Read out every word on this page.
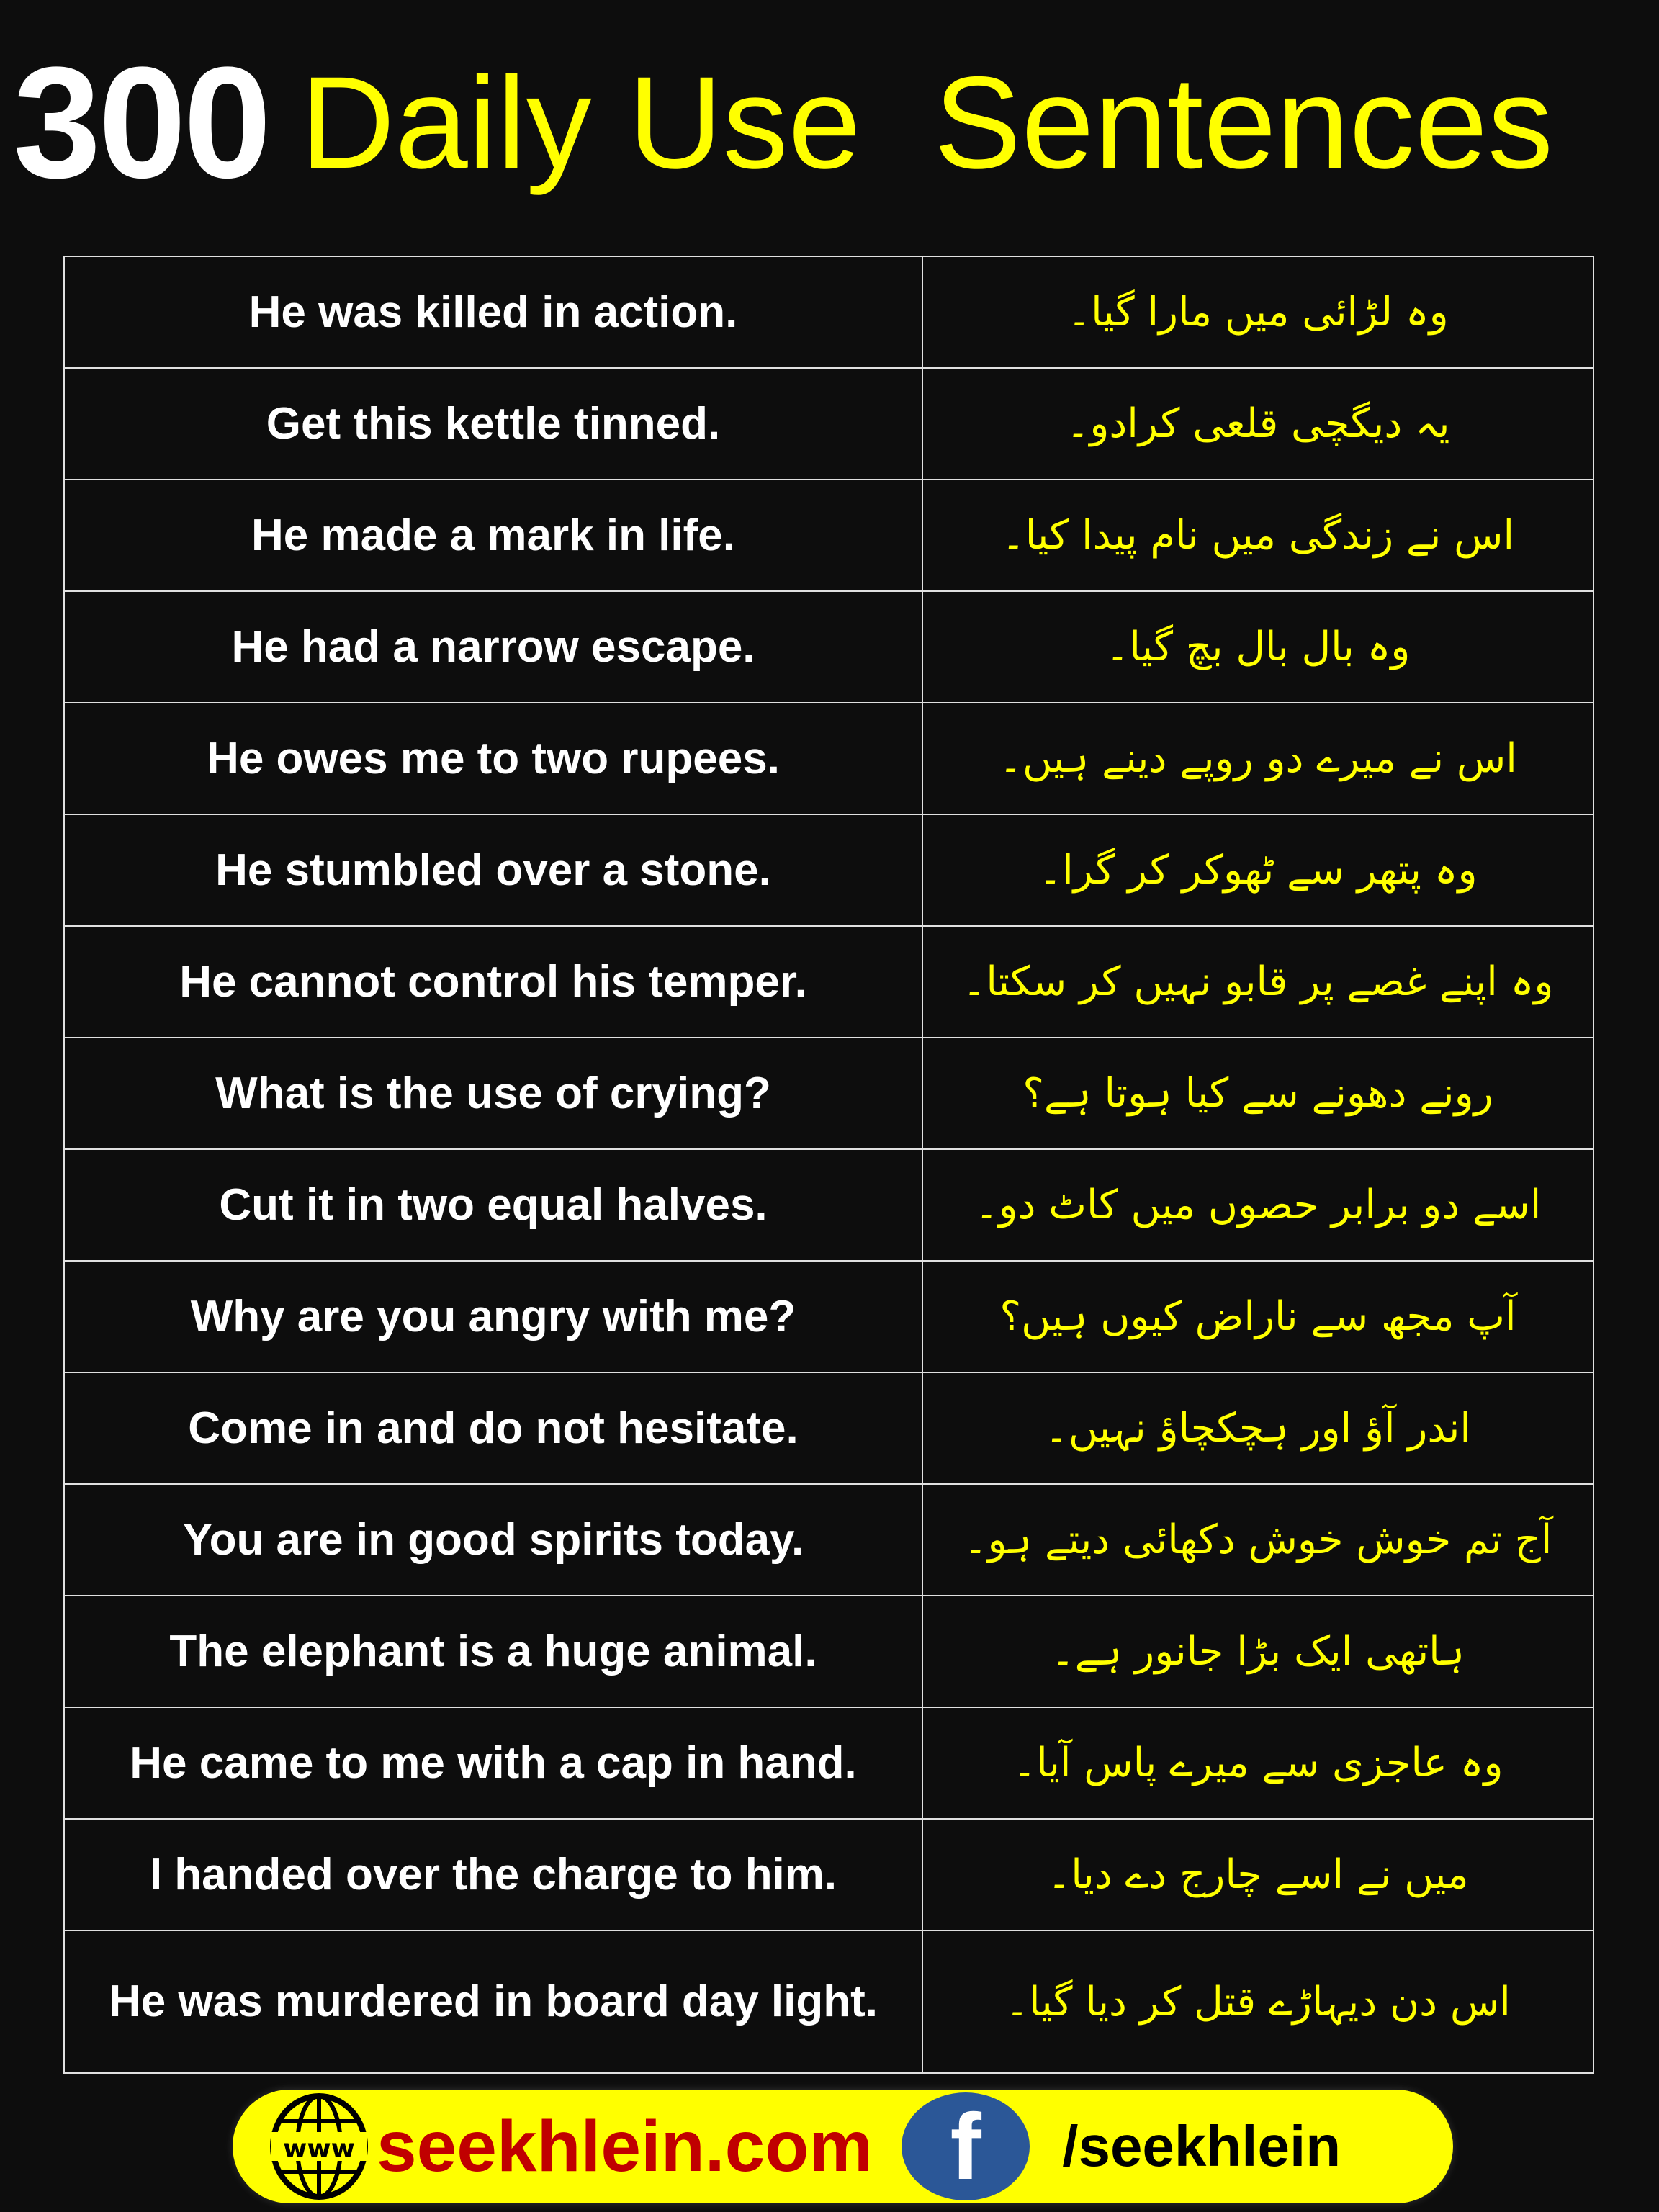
300 Daily Use  Sentences
He was killed in action.	وہ لڑائی میں مارا گیا۔
Get this kettle tinned.	یہ دیگچی قلعی کرادو۔
He made a mark in life.	اس نے زندگی میں نام پیدا کیا۔
He had a narrow escape.	وہ بال بال بچ گیا۔
He owes me to two rupees.	اس نے میرے دو روپے دینے ہیں۔
He stumbled over a stone.	وہ پتھر سے ٹھوکر کر گرا۔
He cannot control his temper.	وہ اپنے غصے پر قابو نہیں کر سکتا۔
What is the use of crying?	رونے دھونے سے کیا ہوتا ہے؟
Cut it in two equal halves.	اسے دو برابر حصوں میں کاٹ دو۔
Why are you angry with me?	آپ مجھ سے ناراض کیوں ہیں؟
Come in and do not hesitate.	اندر آؤ اور ہچکچاؤ نہیں۔
You are in good spirits today.	آج تم خوش خوش دکھائی دیتے ہو۔
The elephant is a huge animal.	ہاتھی ایک بڑا جانور ہے۔
He came to me with a cap in hand.	وہ عاجزی سے میرے پاس آیا۔
I handed over the charge to him.	میں نے اسے چارج دے دیا۔
He was murdered in board day light.	اس دن دیہاڑے قتل کر دیا گیا۔
www seekhlein.com f /seekhlein
